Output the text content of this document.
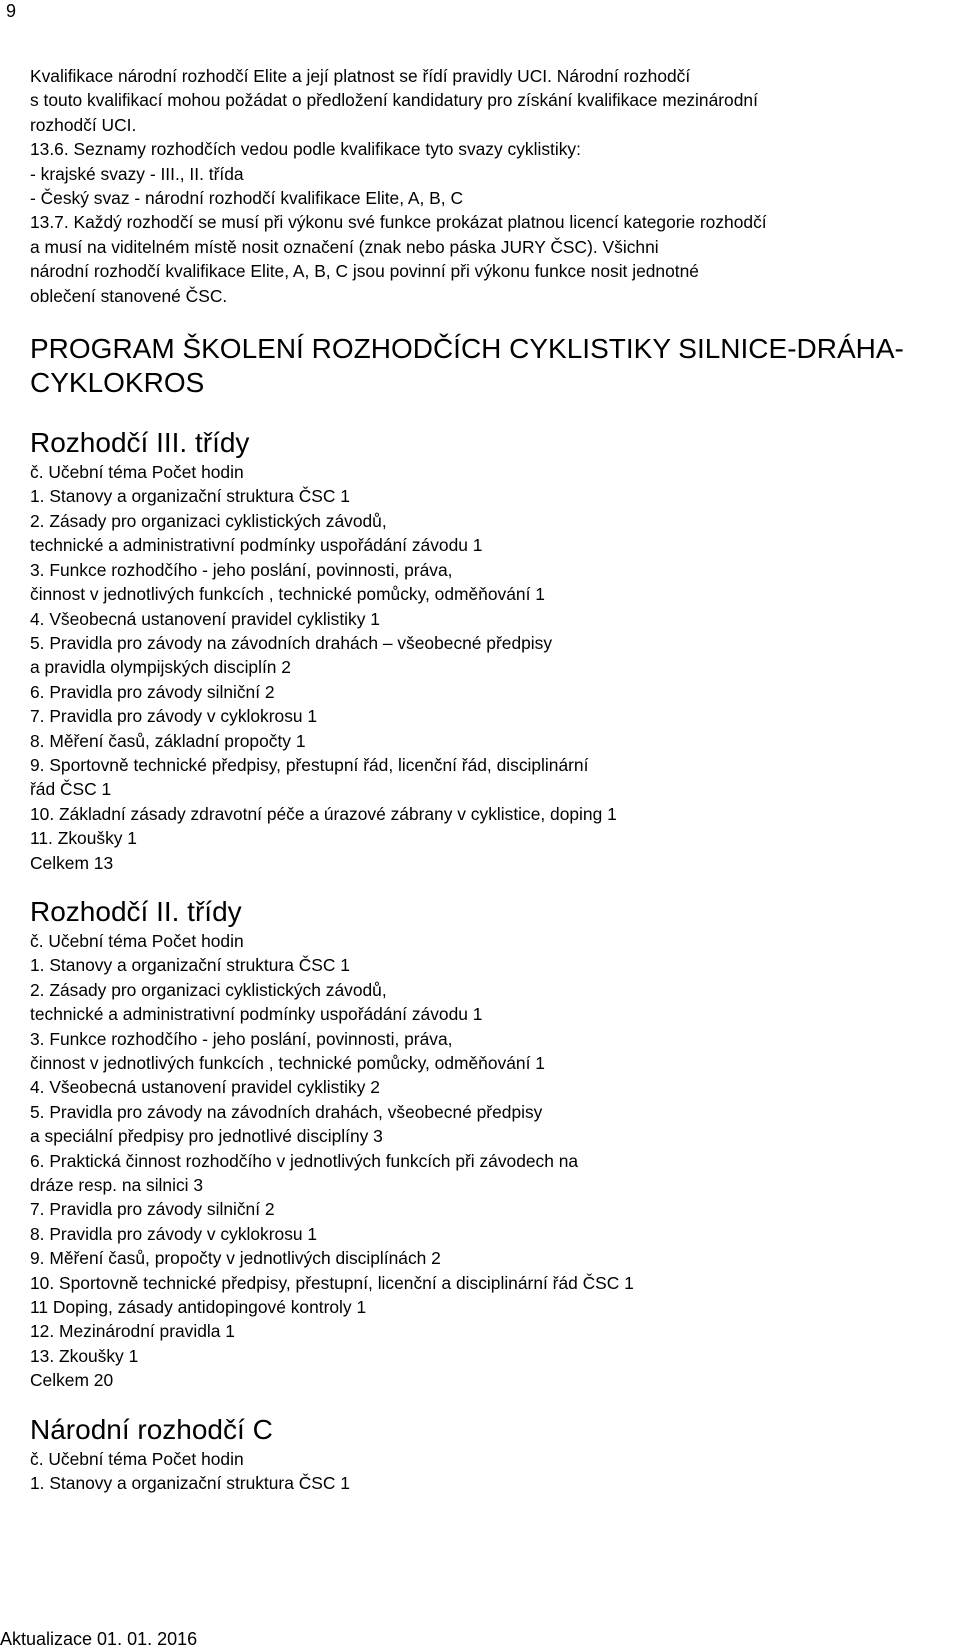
9
Kvalifikace národní rozhodčí Elite a její platnost se řídí pravidly UCI. Národní rozhodčí
s touto kvalifikací mohou požádat o předložení kandidatury pro získání kvalifikace mezinárodní
rozhodčí UCI.
13.6. Seznamy rozhodčích vedou podle kvalifikace tyto svazy cyklistiky:
- krajské svazy - III., II. třída
- Český svaz - národní rozhodčí kvalifikace Elite, A, B, C
13.7. Každý rozhodčí se musí při výkonu své funkce prokázat platnou licencí kategorie rozhodčí
a musí na viditelném místě nosit označení (znak nebo páska JURY ČSC). Všichni
národní rozhodčí kvalifikace Elite, A, B, C jsou povinní při výkonu funkce nosit jednotné
oblečení stanovené ČSC.
PROGRAM ŠKOLENÍ ROZHODČÍCH CYKLISTIKY SILNICE-DRÁHA-
CYKLOKROS
Rozhodčí III. třídy
č. Učební téma Počet hodin
1. Stanovy a organizační struktura ČSC 1
2. Zásady pro organizaci cyklistických závodů,
technické a administrativní podmínky uspořádání závodu 1
3. Funkce rozhodčího - jeho poslání, povinnosti, práva,
činnost v jednotlivých funkcích , technické pomůcky, odměňování 1
4. Všeobecná ustanovení pravidel cyklistiky 1
5. Pravidla pro závody na závodních drahách – všeobecné předpisy
a pravidla olympijských disciplín 2
6. Pravidla pro závody silniční 2
7. Pravidla pro závody v cyklokrosu 1
8. Měření časů, základní propočty 1
9. Sportovně technické předpisy, přestupní řád, licenční řád, disciplinární
řád ČSC 1
10. Základní zásady zdravotní péče a úrazové zábrany v cyklistice, doping 1
11. Zkoušky 1
Celkem 13
Rozhodčí II. třídy
č. Učební téma Počet hodin
1. Stanovy a organizační struktura ČSC 1
2. Zásady pro organizaci cyklistických závodů,
technické a administrativní podmínky uspořádání závodu 1
3. Funkce rozhodčího - jeho poslání, povinnosti, práva,
činnost v jednotlivých funkcích , technické pomůcky, odměňování 1
4. Všeobecná ustanovení pravidel cyklistiky 2
5. Pravidla pro závody na závodních drahách, všeobecné předpisy
a speciální předpisy pro jednotlivé disciplíny 3
6. Praktická činnost rozhodčího v jednotlivých funkcích při závodech na
dráze resp. na silnici 3
7. Pravidla pro závody silniční 2
8. Pravidla pro závody v cyklokrosu 1
9. Měření časů, propočty v jednotlivých disciplínách 2
10. Sportovně technické předpisy, přestupní, licenční a disciplinární řád ČSC 1
11 Doping, zásady antidopingové kontroly 1
12. Mezinárodní pravidla 1
13. Zkoušky 1
Celkem 20
Národní rozhodčí C
č. Učební téma Počet hodin
1. Stanovy a organizační struktura ČSC 1
Aktualizace 01. 01. 2016
